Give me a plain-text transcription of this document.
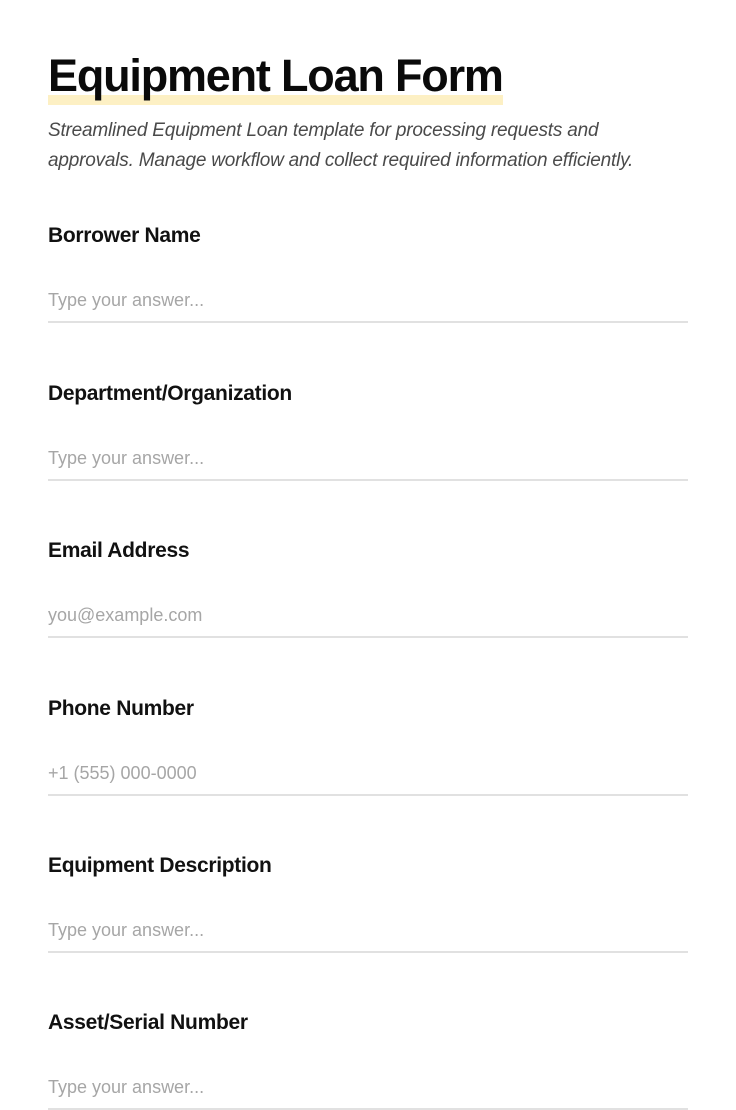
Equipment Loan Form

Streamlined Equipment Loan template for processing requests and approvals. Manage workflow and collect required information efficiently.

Borrower Name
Type your answer...
Department/Organization
Type your answer...
Email Address
you@example.com
Phone Number
+1 (555) 000-0000
Equipment Description
Type your answer...
Asset/Serial Number
Type your answer...
